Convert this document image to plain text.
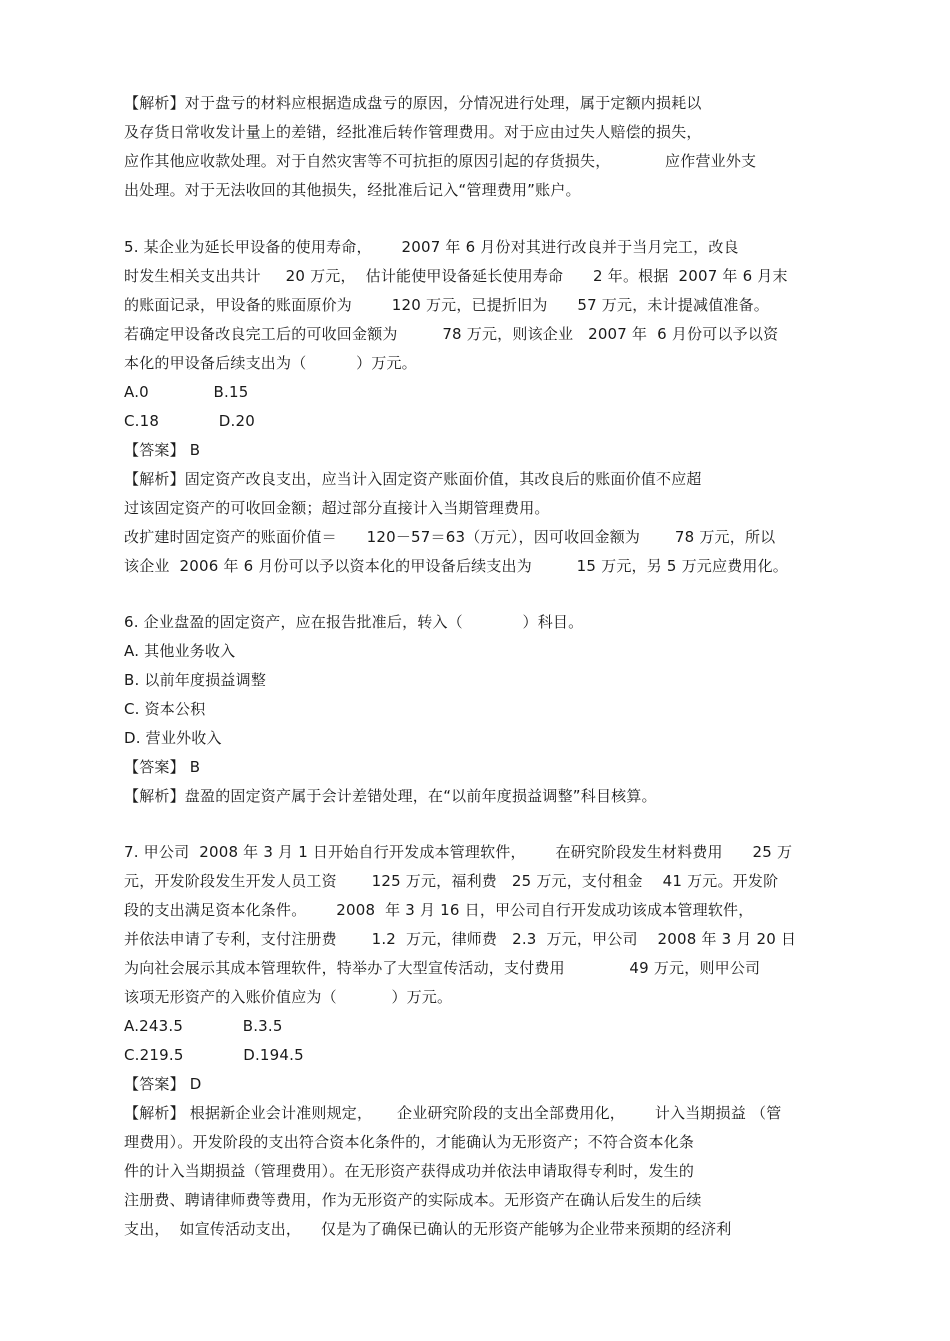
【解析】对于盘亏的材料应根据造成盘亏的原因，分情况进行处理，属于定额内损耗以
及存货日常收发计量上的差错，经批准后转作管理费用。对于应由过失人赔偿的损失，
应作其他应收款处理。对于自然灾害等不可抗拒的原因引起的存货损失，           应作营业外支
出处理。对于无法收回的其他损失，经批准后记入“管理费用”账户。
5. 某企业为延长甲设备的使用寿命，      2007 年 6 月份对其进行改良并于当月完工，改良
时发生相关支出共计     20 万元，  估计能使甲设备延长使用寿命      2 年。根据  2007 年 6 月末
的账面记录，甲设备的账面原价为        120 万元，已提折旧为      57 万元，未计提减值准备。
若确定甲设备改良完工后的可收回金额为         78 万元，则该企业   2007 年  6 月份可以予以资
本化的甲设备后续支出为（          ）万元。
A.0             B.15
C.18            D.20
【答案】 B
【解析】固定资产改良支出，应当计入固定资产账面价值，其改良后的账面价值不应超
过该固定资产的可收回金额；超过部分直接计入当期管理费用。
改扩建时固定资产的账面价值＝      120－57＝63（万元），因可收回金额为       78 万元，所以
该企业  2006 年 6 月份可以予以资本化的甲设备后续支出为         15 万元，另 5 万元应费用化。
6. 企业盘盈的固定资产，应在报告批准后，转入（            ）科目。
A. 其他业务收入
B. 以前年度损益调整
C. 资本公积
D. 营业外收入
【答案】 B
【解析】盘盈的固定资产属于会计差错处理，在“以前年度损益调整”科目核算。
7. 甲公司  2008 年 3 月 1 日开始自行开发成本管理软件，      在研究阶段发生材料费用      25 万
元，开发阶段发生开发人员工资       125 万元，福利费   25 万元，支付租金    41 万元。开发阶
段的支出满足资本化条件。      2008  年 3 月 16 日，甲公司自行开发成功该成本管理软件，
并依法申请了专利，支付注册费       1.2  万元，律师费   2.3  万元，甲公司    2008 年 3 月 20 日
为向社会展示其成本管理软件，特举办了大型宣传活动，支付费用             49 万元，则甲公司
该项无形资产的入账价值应为（           ）万元。
A.243.5            B.3.5
C.219.5            D.194.5
【答案】 D
【解析】 根据新企业会计准则规定，     企业研究阶段的支出全部费用化，      计入当期损益 （管
理费用）。开发阶段的支出符合资本化条件的，才能确认为无形资产；不符合资本化条
件的计入当期损益（管理费用）。在无形资产获得成功并依法申请取得专利时，发生的
注册费、聘请律师费等费用，作为无形资产的实际成本。无形资产在确认后发生的后续
支出，  如宣传活动支出，    仅是为了确保已确认的无形资产能够为企业带来预期的经济利
